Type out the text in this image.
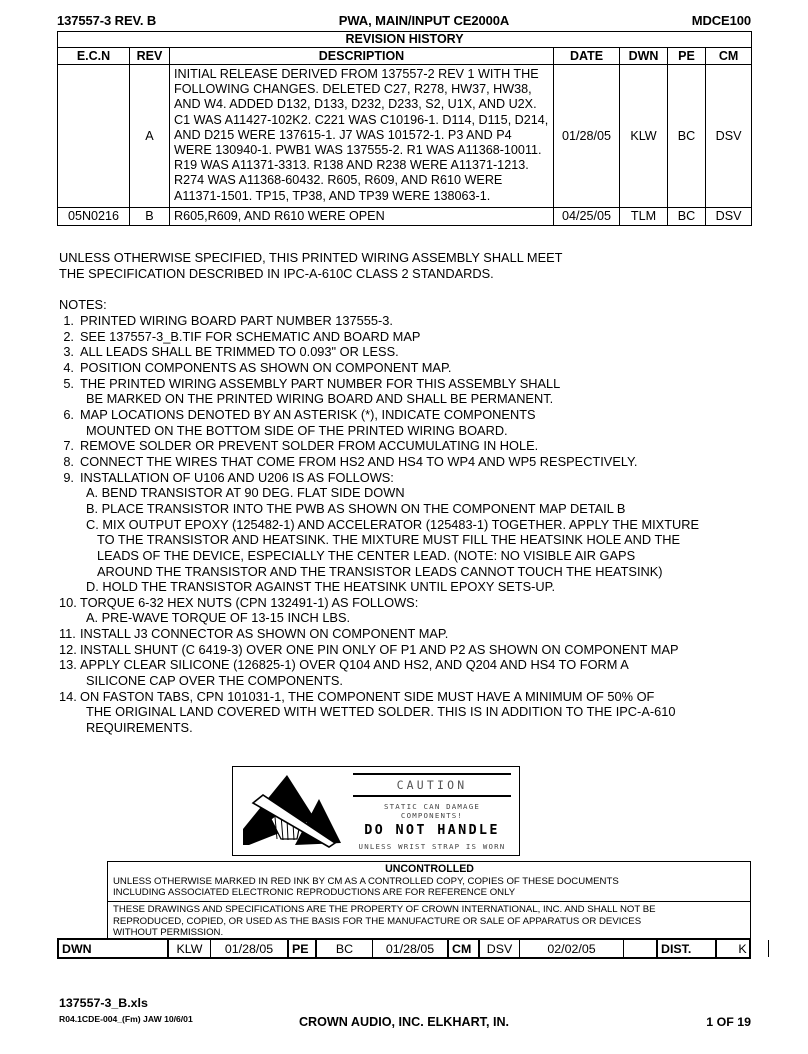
137557-3 REV. B	PWA, MAIN/INPUT CE2000A	MDCE100
REVISION HISTORY						
E.C.N	REV	DESCRIPTION	DATE	DWN	PE	CM
	A	INITIAL RELEASE DERIVED FROM 137557-2 REV 1 WITH THE FOLLOWING CHANGES. DELETED C27, R278, HW37, HW38, AND W4. ADDED D132, D133, D232, D233, S2, U1X, AND U2X. C1 WAS A11427-102K2. C221 WAS C10196-1. D114, D115, D214, AND D215 WERE 137615-1. J7 WAS 101572-1. P3 AND P4 WERE 130940-1. PWB1 WAS 137555-2. R1 WAS A11368-10011. R19 WAS A11371-3313. R138 AND R238 WERE A11371-1213. R274 WAS A11368-60432. R605, R609, AND R610 WERE A11371-1501. TP15, TP38, AND TP39 WERE 138063-1.	01/28/05	KLW	BC	DSV
05N0216	B	R605,R609, AND R610 WERE OPEN	04/25/05	TLM	BC	DSV
UNLESS OTHERWISE SPECIFIED, THIS PRINTED WIRING ASSEMBLY SHALL MEET
THE SPECIFICATION DESCRIBED IN IPC-A-610C CLASS 2 STANDARDS.
NOTES:
1. PRINTED WIRING BOARD PART NUMBER 137555-3.
2. SEE 137557-3_B.TIF FOR SCHEMATIC AND BOARD MAP
3. ALL LEADS SHALL BE TRIMMED TO 0.093" OR LESS.
4. POSITION COMPONENTS AS SHOWN ON COMPONENT MAP.
5. THE PRINTED WIRING ASSEMBLY PART NUMBER FOR THIS ASSEMBLY SHALL
BE MARKED ON THE PRINTED WIRING BOARD AND SHALL BE PERMANENT.
6. MAP LOCATIONS DENOTED BY AN ASTERISK (*), INDICATE COMPONENTS
MOUNTED ON THE BOTTOM SIDE OF THE PRINTED WIRING BOARD.
7. REMOVE SOLDER OR PREVENT SOLDER FROM ACCUMULATING IN HOLE.
8. CONNECT THE WIRES THAT COME FROM HS2 AND HS4 TO WP4 AND WP5 RESPECTIVELY.
9. INSTALLATION OF U106 AND U206 IS AS FOLLOWS:
A. BEND TRANSISTOR AT 90 DEG. FLAT SIDE DOWN
B. PLACE TRANSISTOR INTO THE PWB AS SHOWN ON THE COMPONENT MAP DETAIL B
C. MIX OUTPUT EPOXY (125482-1) AND ACCELERATOR (125483-1) TOGETHER. APPLY THE MIXTURE
TO THE TRANSISTOR AND HEATSINK. THE MIXTURE MUST FILL THE HEATSINK HOLE AND THE
LEADS OF THE DEVICE, ESPECIALLY THE CENTER LEAD. (NOTE: NO VISIBLE AIR GAPS
AROUND THE TRANSISTOR AND THE TRANSISTOR LEADS CANNOT TOUCH THE HEATSINK)
D. HOLD THE TRANSISTOR AGAINST THE HEATSINK UNTIL EPOXY SETS-UP.
10. TORQUE 6-32 HEX NUTS (CPN 132491-1) AS FOLLOWS:
A. PRE-WAVE TORQUE OF 13-15 INCH LBS.
11. INSTALL J3 CONNECTOR AS SHOWN ON COMPONENT MAP.
12. INSTALL SHUNT (C 6419-3) OVER ONE PIN ONLY OF P1 AND P2 AS SHOWN ON COMPONENT MAP
13. APPLY CLEAR SILICONE (126825-1) OVER Q104 AND HS2, AND Q204 AND HS4 TO FORM A
SILICONE CAP OVER THE COMPONENTS.
14. ON FASTON TABS, CPN 101031-1, THE COMPONENT SIDE MUST HAVE A MINIMUM OF 50% OF
THE ORIGINAL LAND COVERED WITH WETTED SOLDER. THIS IS IN ADDITION TO THE IPC-A-610
REQUIREMENTS.
CAUTION
STATIC CAN DAMAGE COMPONENTS!
DO NOT HANDLE
UNLESS WRIST STRAP IS WORN
UNCONTROLLED
UNLESS OTHERWISE MARKED IN RED INK BY CM AS A CONTROLLED COPY, COPIES OF THESE DOCUMENTS
INCLUDING ASSOCIATED ELECTRONIC REPRODUCTIONS ARE FOR REFERENCE ONLY
THESE DRAWINGS AND SPECIFICATIONS ARE THE PROPERTY OF CROWN INTERNATIONAL, INC. AND SHALL NOT BE
REPRODUCED, COPIED, OR USED AS THE BASIS FOR THE MANUFACTURE OR SALE OF APPARATUS OR DEVICES
WITHOUT PERMISSION.
DWN	KLW	01/28/05	PE	BC	01/28/05	CM	DSV	02/02/05	DIST.	K
137557-3_B.xls
R04.1CDE-004_(Fm) JAW 10/6/01	CROWN AUDIO, INC. ELKHART, IN.	1 OF 19
